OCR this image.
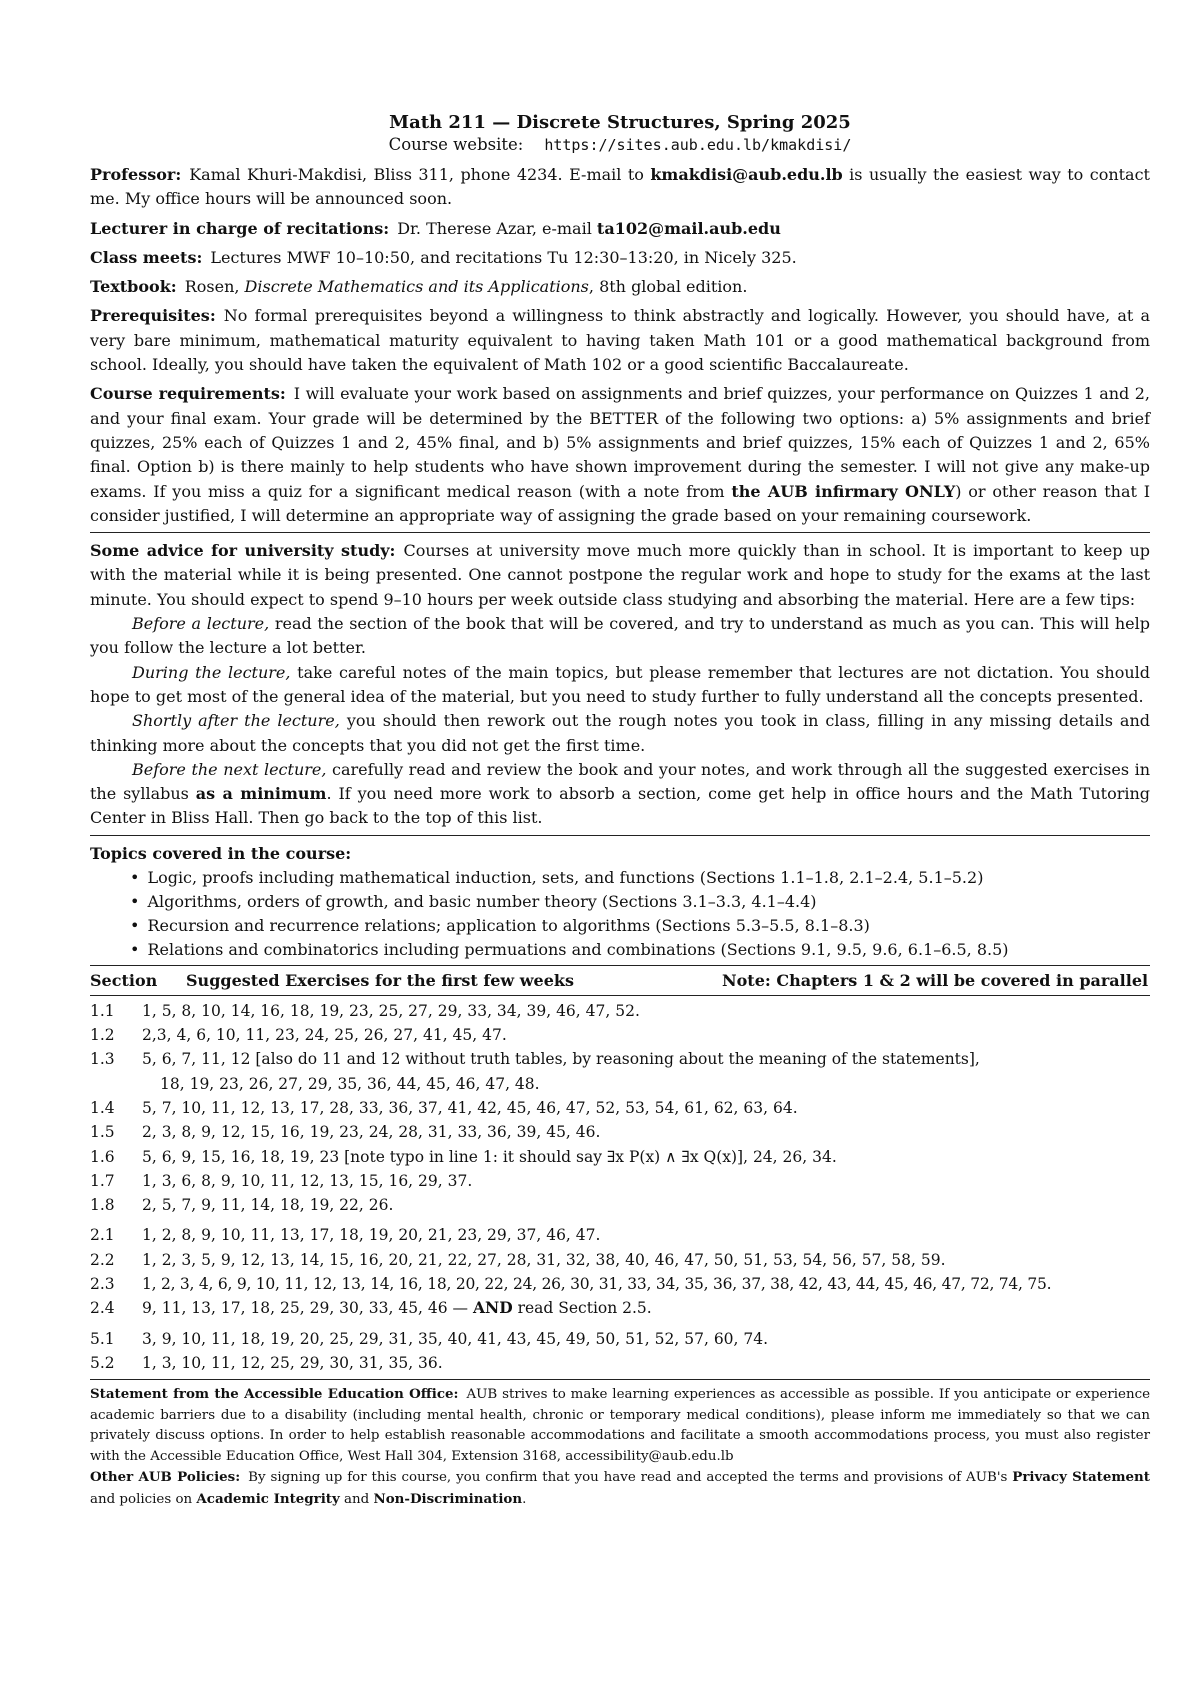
Math 211 — Discrete Structures, Spring 2025
Course website: https://sites.aub.edu.lb/kmakdisi/

Professor: Kamal Khuri-Makdisi, Bliss 311, phone 4234. E-mail to kmakdisi@aub.edu.lb is usually the easiest way to contact me. My office hours will be announced soon.

Lecturer in charge of recitations: Dr. Therese Azar, e-mail ta102@mail.aub.edu

Class meets: Lectures MWF 10–10:50, and recitations Tu 12:30–13:20, in Nicely 325.

Textbook: Rosen, Discrete Mathematics and its Applications, 8th global edition.

Prerequisites: No formal prerequisites beyond a willingness to think abstractly and logically. However, you should have, at a very bare minimum, mathematical maturity equivalent to having taken Math 101 or a good mathematical background from school. Ideally, you should have taken the equivalent of Math 102 or a good scientific Baccalaureate.

Course requirements: I will evaluate your work based on assignments and brief quizzes, your performance on Quizzes 1 and 2, and your final exam. Your grade will be determined by the BETTER of the following two options: a) 5% assignments and brief quizzes, 25% each of Quizzes 1 and 2, 45% final, and b) 5% assignments and brief quizzes, 15% each of Quizzes 1 and 2, 65% final. Option b) is there mainly to help students who have shown improvement during the semester. I will not give any make-up exams. If you miss a quiz for a significant medical reason (with a note from the AUB infirmary ONLY) or other reason that I consider justified, I will determine an appropriate way of assigning the grade based on your remaining coursework.

Some advice for university study: Courses at university move much more quickly than in school. It is important to keep up with the material while it is being presented. One cannot postpone the regular work and hope to study for the exams at the last minute. You should expect to spend 9–10 hours per week outside class studying and absorbing the material. Here are a few tips:

Before a lecture, read the section of the book that will be covered, and try to understand as much as you can. This will help you follow the lecture a lot better.

During the lecture, take careful notes of the main topics, but please remember that lectures are not dictation. You should hope to get most of the general idea of the material, but you need to study further to fully understand all the concepts presented.

Shortly after the lecture, you should then rework out the rough notes you took in class, filling in any missing details and thinking more about the concepts that you did not get the first time.

Before the next lecture, carefully read and review the book and your notes, and work through all the suggested exercises in the syllabus as a minimum. If you need more work to absorb a section, come get help in office hours and the Math Tutoring Center in Bliss Hall. Then go back to the top of this list.

Topics covered in the course:
• Logic, proofs including mathematical induction, sets, and functions (Sections 1.1–1.8, 2.1–2.4, 5.1–5.2)
• Algorithms, orders of growth, and basic number theory (Sections 3.1–3.3, 4.1–4.4)
• Recursion and recurrence relations; application to algorithms (Sections 5.3–5.5, 8.1–8.3)
• Relations and combinatorics including permuations and combinations (Sections 9.1, 9.5, 9.6, 6.1–6.5, 8.5)
Section	Suggested Exercises for the first few weeks	Note: Chapters 1 & 2 will be covered in parallel
1.1	1, 5, 8, 10, 14, 16, 18, 19, 23, 25, 27, 29, 33, 34, 39, 46, 47, 52.
1.2	2,3, 4, 6, 10, 11, 23, 24, 25, 26, 27, 41, 45, 47.
1.3	5, 6, 7, 11, 12 [also do 11 and 12 without truth tables, by reasoning about the meaning of the statements],
18, 19, 23, 26, 27, 29, 35, 36, 44, 45, 46, 47, 48.
1.4	5, 7, 10, 11, 12, 13, 17, 28, 33, 36, 37, 41, 42, 45, 46, 47, 52, 53, 54, 61, 62, 63, 64.
1.5	2, 3, 8, 9, 12, 15, 16, 19, 23, 24, 28, 31, 33, 36, 39, 45, 46.
1.6	5, 6, 9, 15, 16, 18, 19, 23 [note typo in line 1: it should say ∃x P(x) ∧ ∃x Q(x)], 24, 26, 34.
1.7	1, 3, 6, 8, 9, 10, 11, 12, 13, 15, 16, 29, 37.
1.8	2, 5, 7, 9, 11, 14, 18, 19, 22, 26.
2.1	1, 2, 8, 9, 10, 11, 13, 17, 18, 19, 20, 21, 23, 29, 37, 46, 47.
2.2	1, 2, 3, 5, 9, 12, 13, 14, 15, 16, 20, 21, 22, 27, 28, 31, 32, 38, 40, 46, 47, 50, 51, 53, 54, 56, 57, 58, 59.
2.3	1, 2, 3, 4, 6, 9, 10, 11, 12, 13, 14, 16, 18, 20, 22, 24, 26, 30, 31, 33, 34, 35, 36, 37, 38, 42, 43, 44, 45, 46, 47, 72, 74, 75.
2.4	9, 11, 13, 17, 18, 25, 29, 30, 33, 45, 46 — AND read Section 2.5.
5.1	3, 9, 10, 11, 18, 19, 20, 25, 29, 31, 35, 40, 41, 43, 45, 49, 50, 51, 52, 57, 60, 74.
5.2	1, 3, 10, 11, 12, 25, 29, 30, 31, 35, 36.

Statement from the Accessible Education Office: AUB strives to make learning experiences as accessible as possible. If you anticipate or experience academic barriers due to a disability (including mental health, chronic or temporary medical conditions), please inform me immediately so that we can privately discuss options. In order to help establish reasonable accommodations and facilitate a smooth accommodations process, you must also register with the Accessible Education Office, West Hall 304, Extension 3168, accessibility@aub.edu.lb

Other AUB Policies: By signing up for this course, you confirm that you have read and accepted the terms and provisions of AUB's Privacy Statement and policies on Academic Integrity and Non-Discrimination.
